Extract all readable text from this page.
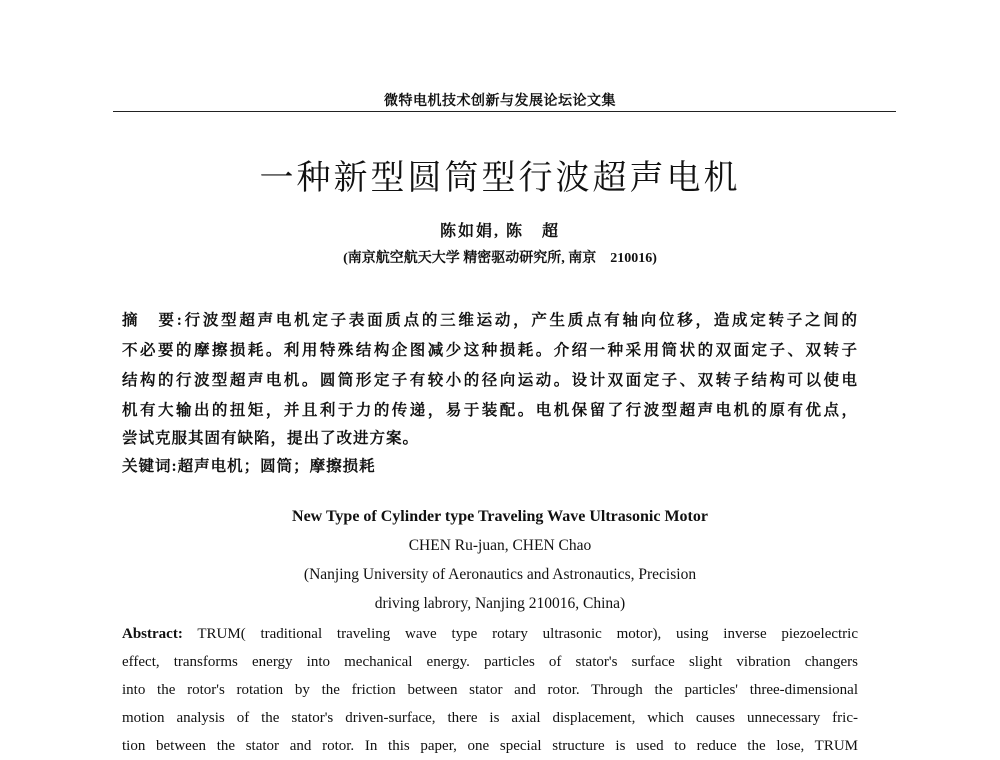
微特电机技术创新与发展论坛论文集
一种新型圆筒型行波超声电机
陈如娟, 陈　超
(南京航空航天大学 精密驱动研究所, 南京　210016)
摘　要:行波型超声电机定子表面质点的三维运动，产生质点有轴向位移，造成定转子之间的
不必要的摩擦损耗。利用特殊结构企图减少这种损耗。介绍一种采用筒状的双面定子、双转子
结构的行波型超声电机。圆筒形定子有较小的径向运动。设计双面定子、双转子结构可以使电
机有大输出的扭矩，并且利于力的传递，易于装配。电机保留了行波型超声电机的原有优点，
尝试克服其固有缺陷，提出了改进方案。
关键词:超声电机；圆筒；摩擦损耗
New Type of Cylinder type Traveling Wave Ultrasonic Motor
CHEN Ru-juan, CHEN Chao
(Nanjing University of Aeronautics and Astronautics, Precision
driving labrory, Nanjing 210016, China)
Abstract: TRUM( traditional traveling wave type rotary ultrasonic motor), using inverse piezoelectric
effect, transforms energy into mechanical energy. particles of stator's surface slight vibration changers
into the rotor's rotation by the friction between stator and rotor. Through the particles' three-dimensional
motion analysis of the stator's driven-surface, there is axial displacement, which causes unnecessary fric-
tion between the stator and rotor. In this paper, one special structure is used to reduce the lose, TRUM
